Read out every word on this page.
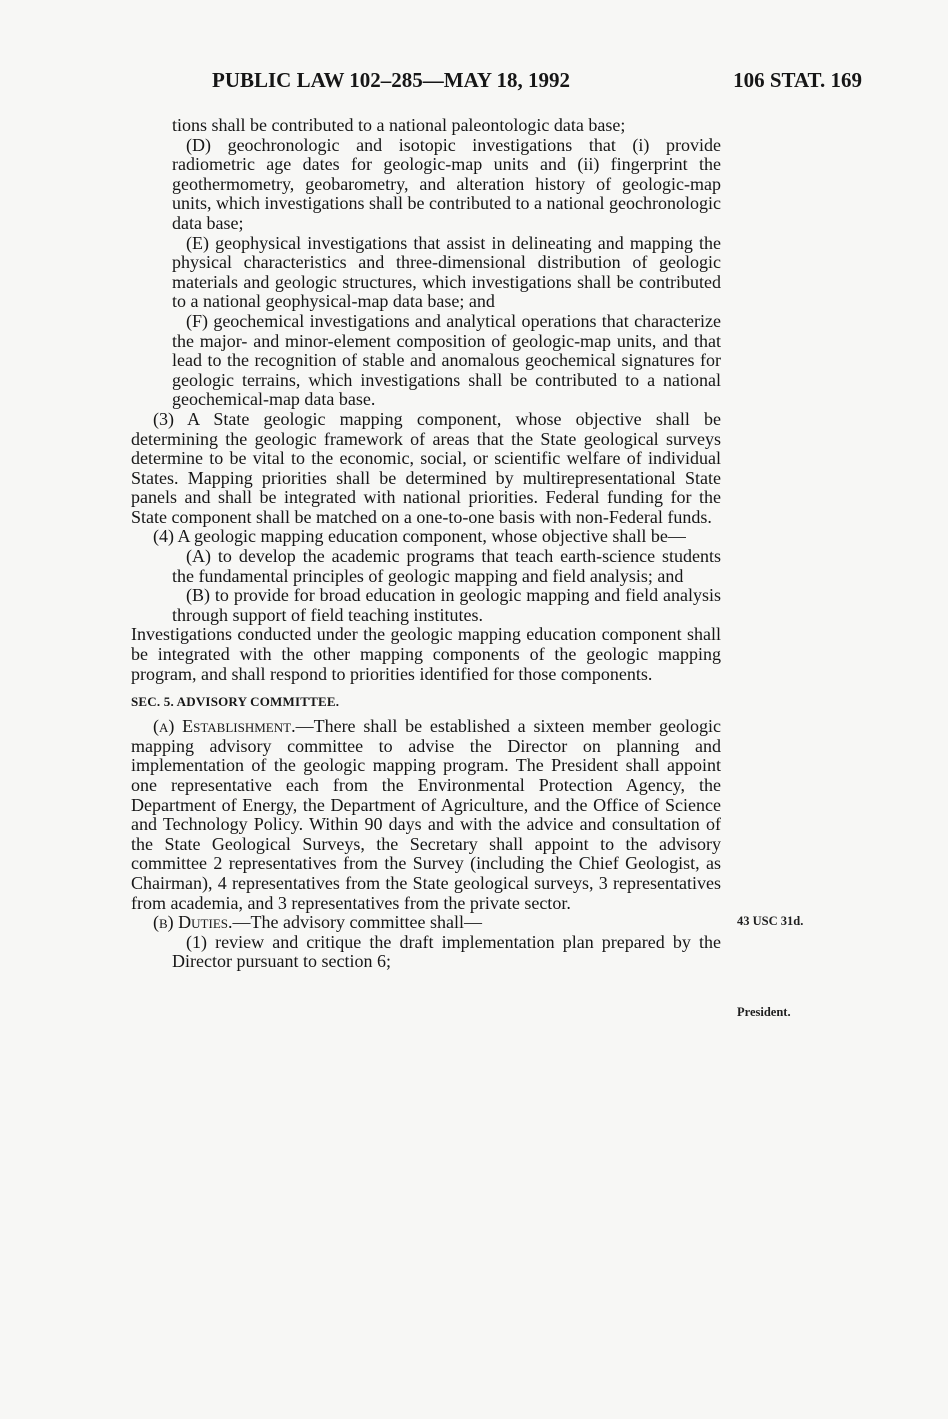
PUBLIC LAW 102–285—MAY 18, 1992	106 STAT. 169

tions shall be contributed to a national paleontologic data base;

(D) geochronologic and isotopic investigations that (i) provide radiometric age dates for geologic-map units and (ii) fingerprint the geothermometry, geobarometry, and alteration history of geologic-map units, which investigations shall be contributed to a national geochronologic data base;

(E) geophysical investigations that assist in delineating and mapping the physical characteristics and three-dimensional distribution of geologic materials and geologic structures, which investigations shall be contributed to a national geophysical-map data base; and

(F) geochemical investigations and analytical operations that characterize the major- and minor-element composition of geologic-map units, and that lead to the recognition of stable and anomalous geochemical signatures for geologic terrains, which investigations shall be contributed to a national geochemical-map data base.

(3) A State geologic mapping component, whose objective shall be determining the geologic framework of areas that the State geological surveys determine to be vital to the economic, social, or scientific welfare of individual States. Mapping priorities shall be determined by multirepresentational State panels and shall be integrated with national priorities. Federal funding for the State component shall be matched on a one-to-one basis with non-Federal funds.

(4) A geologic mapping education component, whose objective shall be—

(A) to develop the academic programs that teach earth-science students the fundamental principles of geologic mapping and field analysis; and

(B) to provide for broad education in geologic mapping and field analysis through support of field teaching institutes.

Investigations conducted under the geologic mapping education component shall be integrated with the other mapping components of the geologic mapping program, and shall respond to priorities identified for those components.

SEC. 5. ADVISORY COMMITTEE.

(a) Establishment.—There shall be established a sixteen member geologic mapping advisory committee to advise the Director on planning and implementation of the geologic mapping program. The President shall appoint one representative each from the Environmental Protection Agency, the Department of Energy, the Department of Agriculture, and the Office of Science and Technology Policy. Within 90 days and with the advice and consultation of the State Geological Surveys, the Secretary shall appoint to the advisory committee 2 representatives from the Survey (including the Chief Geologist, as Chairman), 4 representatives from the State geological surveys, 3 representatives from academia, and 3 representatives from the private sector.

(b) Duties.—The advisory committee shall—

(1) review and critique the draft implementation plan prepared by the Director pursuant to section 6;

43 USC 31d.
President.
